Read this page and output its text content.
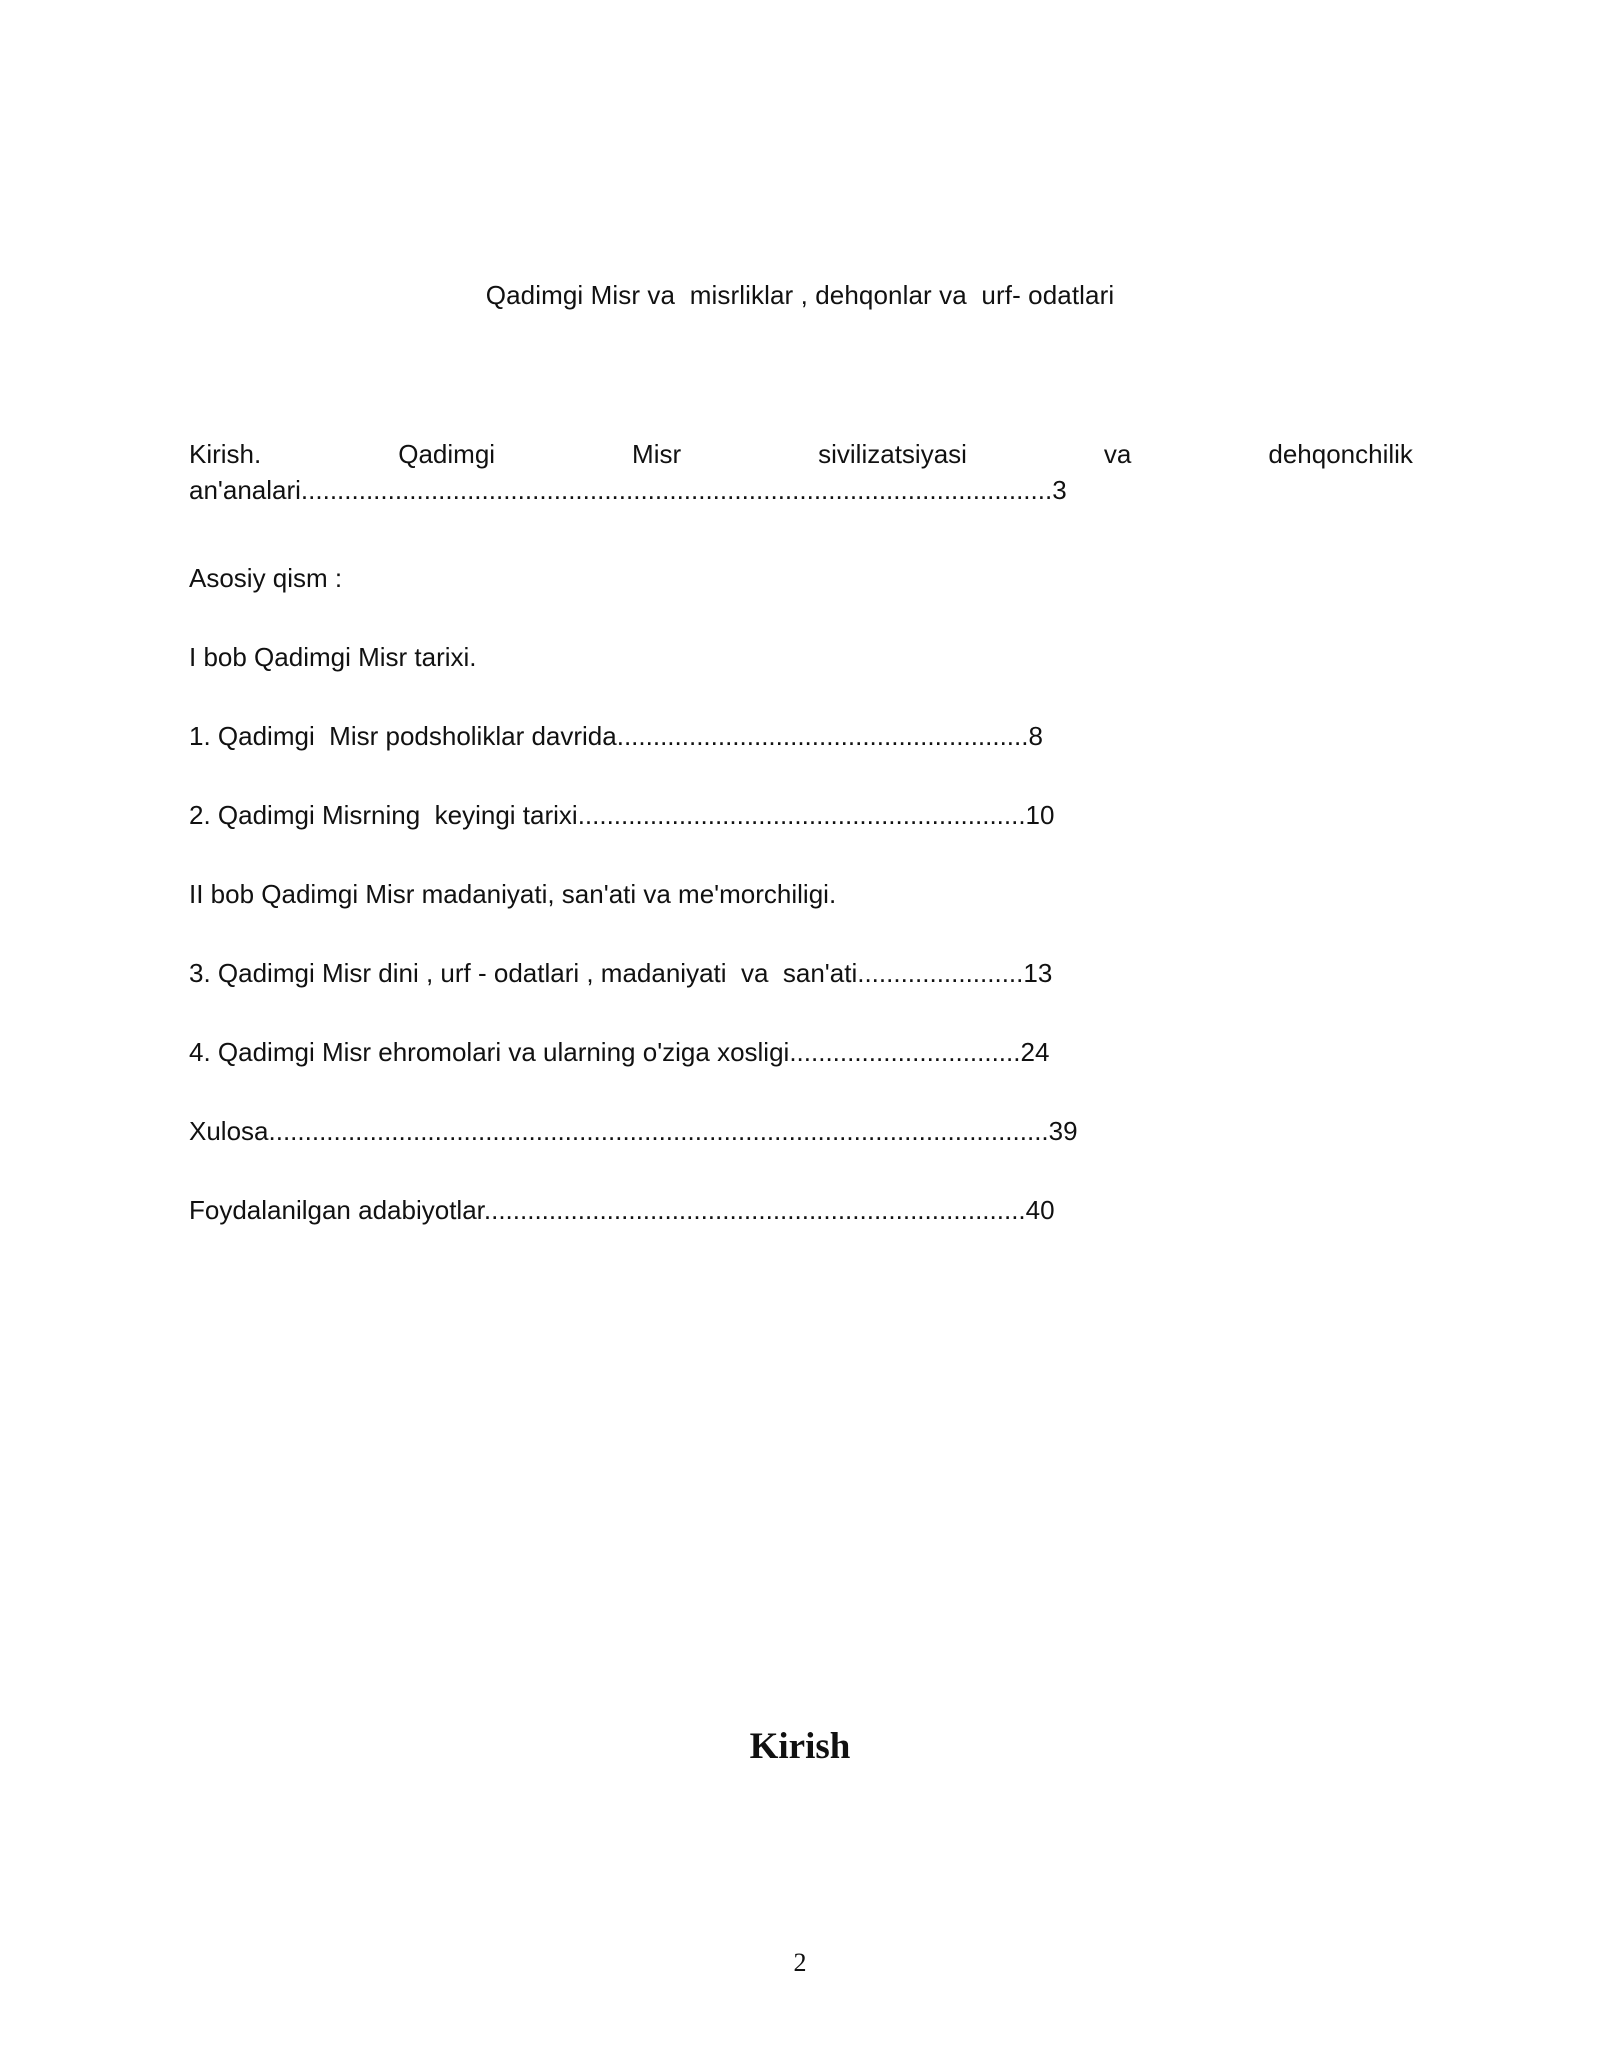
Qadimgi Misr va  misrliklar , dehqonlar va  urf- odatlari
Kirish.	Qadimgi	Misr	sivilizatsiyasi	va	dehqonchilik
an'analari........................................................................................................3
Asosiy qism :
I bob Qadimgi Misr tarixi.
1. Qadimgi  Misr podsholiklar davrida.........................................................8
2. Qadimgi Misrning  keyingi tarixi..............................................................10
II bob Qadimgi Misr madaniyati, san'ati va me'morchiligi.
3. Qadimgi Misr dini , urf - odatlari , madaniyati  va  san'ati.......................13
4. Qadimgi Misr ehromolari va ularning o'ziga xosligi................................24
Xulosa............................................................................................................39
Foydalanilgan adabiyotlar...........................................................................40
Kirish
2
